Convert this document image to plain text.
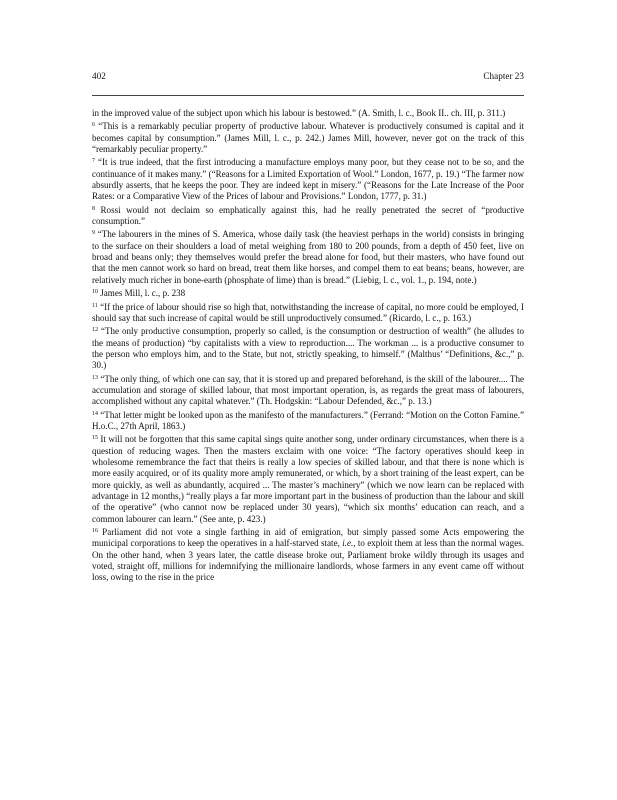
402	Chapter 23

in the improved value of the subject upon which his labour is bestowed.” (A. Smith, l. c., Book II.. ch. III, p. 311.)

$^6$ “This is a remarkably peculiar property of productive labour. Whatever is productively consumed is capital and it becomes capital by consumption.” (James Mill, l. c., p. 242.) James Mill, however, never got on the track of this “remarkably peculiar property.”

$^7$ “It is true indeed, that the first introducing a manufacture employs many poor, but they cease not to be so, and the continuance of it makes many.” (“Reasons for a Limited Exportation of Wool.” London, 1677, p. 19.) “The farmer now absurdly asserts, that he keeps the poor. They are indeed kept in misery.” (“Reasons for the Late Increase of the Poor Rates: or a Comparative View of the Prices of labour and Provisions.” London, 1777, p. 31.)

$^8$ Rossi would not declaim so emphatically against this, had he really penetrated the secret of “productive consumption.”

$^9$ “The labourers in the mines of S. America, whose daily task (the heaviest perhaps in the world) consists in bringing to the surface on their shoulders a load of metal weighing from 180 to 200 pounds, from a depth of 450 feet, live on broad and beans only; they themselves would prefer the bread alone for food, but their masters, who have found out that the men cannot work so hard on bread, treat them like horses, and compel them to eat beans; beans, however, are relatively much richer in bone-earth (phosphate of lime) than is bread.” (Liebig, l. c., vol. 1., p. 194, note.)

$^{10}$ James Mill, l. c., p. 238

$^{11}$ “If the price of labour should rise so high that, notwithstanding the increase of capital, no more could be employed, I should say that such increase of capital would be still unproductively consumed.” (Ricardo, l. c., p. 163.)

$^{12}$ “The only productive consumption, properly so called, is the consumption or destruction of wealth” (he alludes to the means of production) “by capitalists with a view to reproduction.... The workman ... is a productive consumer to the person who employs him, and to the State, but not, strictly speaking, to himself.” (Malthus’ “Definitions, &c.,” p. 30.)

$^{13}$ “The only thing, of which one can say, that it is stored up and prepared beforehand, is the skill of the labourer.... The accumulation and storage of skilled labour, that most important operation, is, as regards the great mass of labourers, accomplished without any capital whatever.” (Th. Hodgskin: “Labour Defended, &c.,” p. 13.)

$^{14}$ “That letter might be looked upon as the manifesto of the manufacturers.” (Ferrand: “Motion on the Cotton Famine.” H.o.C., 27th April, 1863.)

$^{15}$ It will not be forgotten that this same capital sings quite another song, under ordinary circumstances, when there is a question of reducing wages. Then the masters exclaim with one voice: “The factory operatives should keep in wholesome remembrance the fact that theirs is really a low species of skilled labour, and that there is none which is more easily acquired, or of its quality more amply remunerated, or which, by a short training of the least expert, can be more quickly, as well as abundantly, acquired ... The master’s machinery” (which we now learn can be replaced with advantage in 12 months,) “really plays a far more important part in the business of production than the labour and skill of the operative” (who cannot now be replaced under 30 years), “which six months’ education can reach, and a common labourer can learn.” (See ante, p. 423.)

$^{16}$ Parliament did not vote a single farthing in aid of emigration, but simply passed some Acts empowering the municipal corporations to keep the operatives in a half-starved state, i.e., to exploit them at less than the normal wages. On the other hand, when 3 years later, the cattle disease broke out, Parliament broke wildly through its usages and voted, straight off, millions for indemnifying the millionaire landlords, whose farmers in any event came off without loss, owing to the rise in the price
